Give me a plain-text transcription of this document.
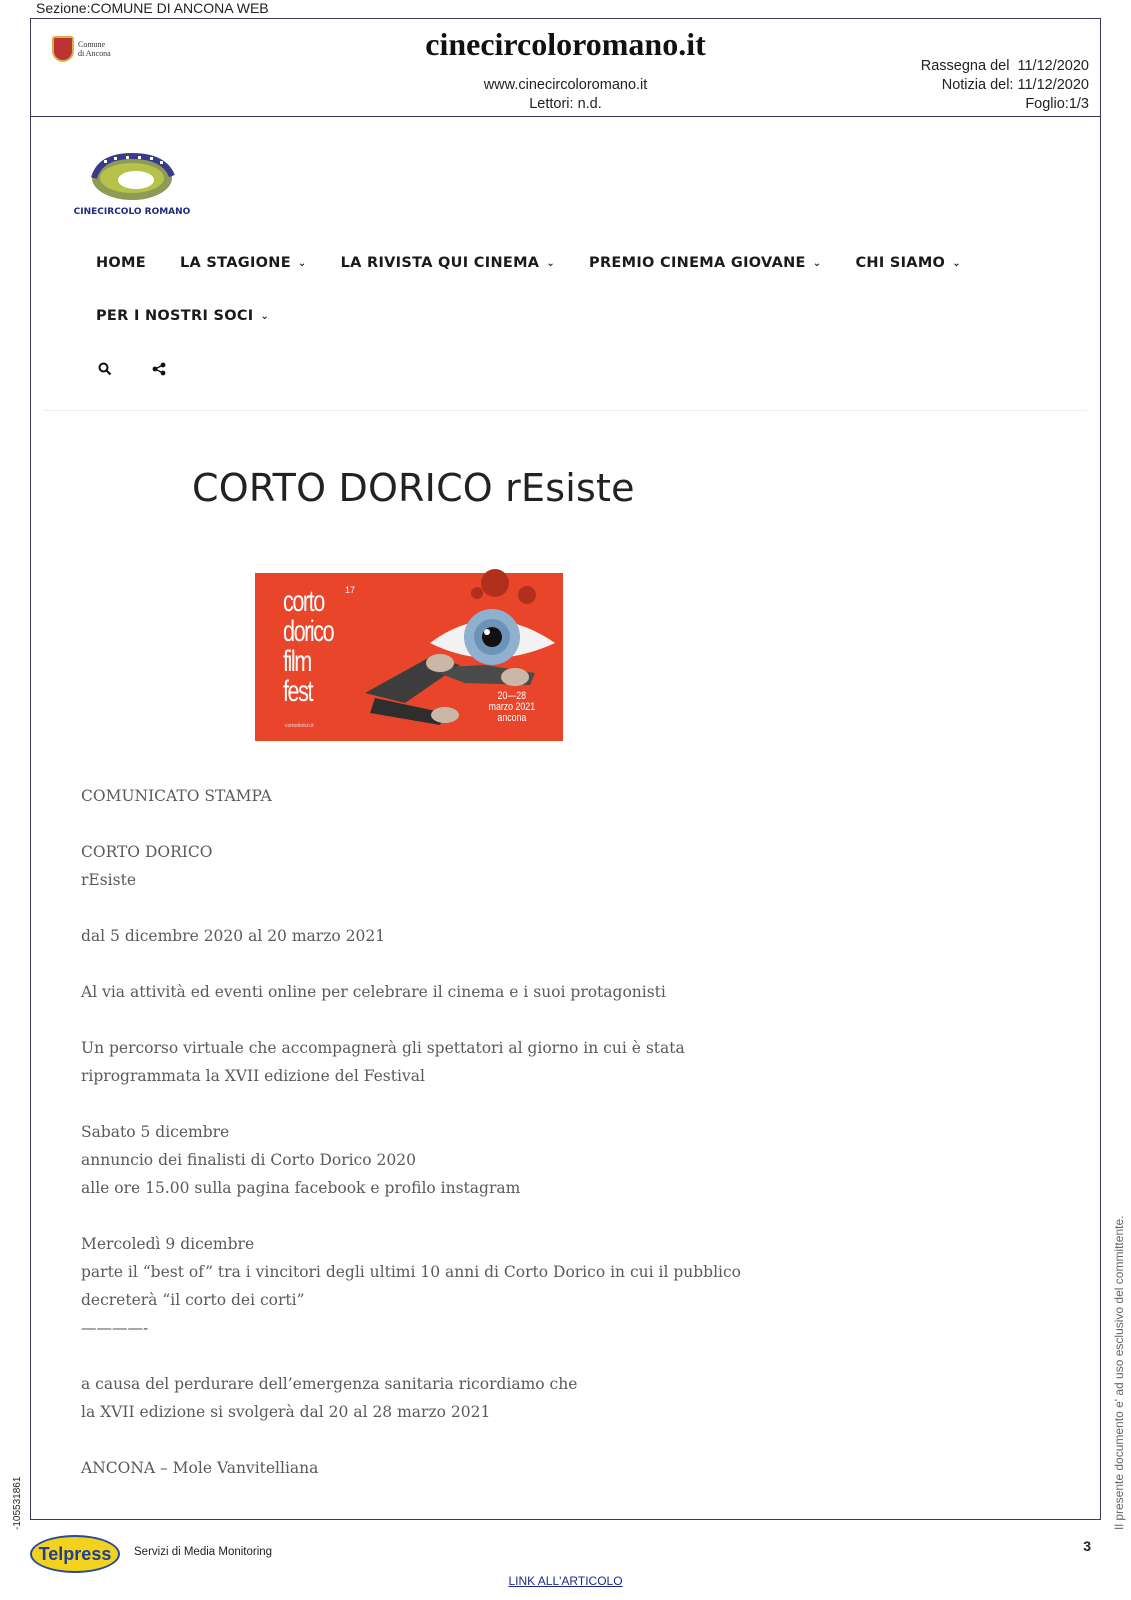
Sezione:COMUNE DI ANCONA WEB
Comune
di Ancona	cinecircoloromano.it
www.cinecircoloromano.it
Lettori: n.d.
Rassegna del  11/12/2020
Notizia del: 11/12/2020
Foglio:1/3
CINECIRCOLO ROMANO
HOME LA STAGIONE ⌄ LA RIVISTA QUI CINEMA ⌄ PREMIO CINEMA GIOVANE ⌄ CHI SIAMO ⌄
PER I NOSTRI SOCI ⌄
CORTO DORICO rEsiste
corto
dorico
film
fest
17
20—28
marzo 2021
ancona
cortodorico.it

COMUNICATO STAMPA

CORTO DORICO
rEsiste

dal 5 dicembre 2020 al 20 marzo 2021

Al via attività ed eventi online per celebrare il cinema e i suoi protagonisti

Un percorso virtuale che accompagnerà gli spettatori al giorno in cui è stata
riprogrammata la XVII edizione del Festival

Sabato 5 dicembre
annuncio dei finalisti di Corto Dorico 2020
alle ore 15.00 sulla pagina facebook e profilo instagram

Mercoledì 9 dicembre
parte il “best of” tra i vincitori degli ultimi 10 anni di Corto Dorico in cui il pubblico
decreterà “il corto dei corti”
————-

a causa del perdurare dell’emergenza sanitaria ricordiamo che
la XVII edizione si svolgerà dal 20 al 28 marzo 2021

ANCONA – Mole Vanvitelliana	Il presente documento e' ad uso esclusivo del committente.
-105531861
Telpress Servizi di Media Monitoring	3
LINK ALL'ARTICOLO
